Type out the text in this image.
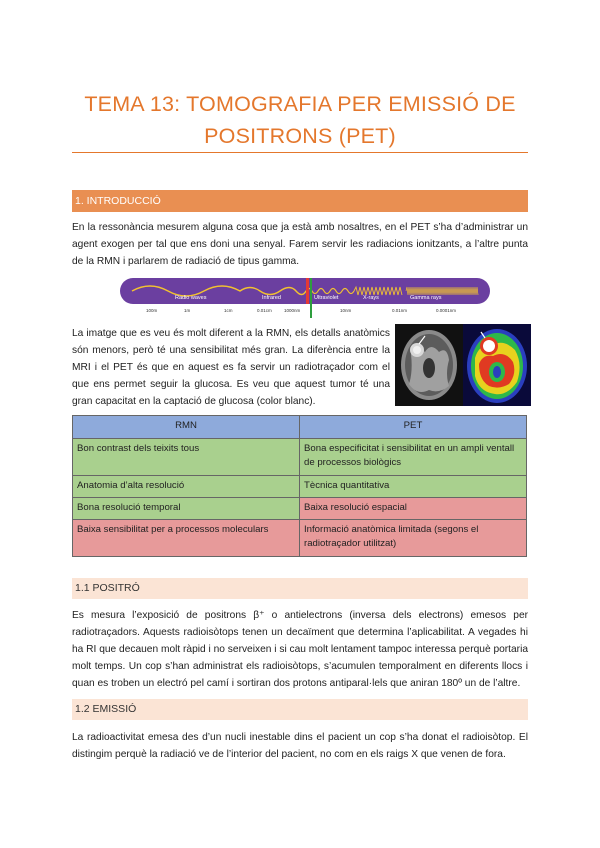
TEMA 13: TOMOGRAFIA PER EMISSIÓ DE
POSITRONS (PET)
1. INTRODUCCIÓ
En la ressonància mesurem alguna cosa que ja està amb nosaltres, en el PET s’ha d’administrar un agent exogen per tal que ens doni una senyal. Farem servir les radiacions ionitzants, a l’altre punta de la RMN i parlarem de radiació de tipus gamma.
Radio waves	Infrared	Ultraviolet	X-rays	Gamma rays
100m	1m	1cm	0.01cm	1000nm	10nm	0.01nm	0.0001nm
La imatge que es veu és molt diferent a la RMN, els detalls anatòmics són menors, però té una sensibilitat més gran. La diferència entre la MRI i el PET és que en aquest es fa servir un radiotraçador com el que ens permet seguir la glucosa. Es veu que aquest tumor té una gran capacitat en la captació de glucosa (color blanc).
RMN	PET
Bon contrast dels teixits tous	Bona especificitat i sensibilitat en un ampli ventall de processos biològics
Anatomia d’alta resolució	Tècnica quantitativa
Bona resolució temporal	Baixa resolució espacial
Baixa sensibilitat per a processos moleculars	Informació anatòmica limitada (segons el radiotraçador utilitzat)
1.1 POSITRÓ
Es mesura l’exposició de positrons β⁺ o antielectrons (inversa dels electrons) emesos per radiotraçadors. Aquests radioisòtops tenen un decaïment que determina l’aplicabilitat. A vegades hi ha RI que decauen molt ràpid i no serveixen i si cau molt lentament tampoc interessa perquè portaria molt temps. Un cop s’han administrat els radioisòtops, s’acumulen temporalment en diferents llocs i quan es troben un electró pel camí i sortiran dos protons antiparal·lels que aniran 180º un de l’altre.
1.2 EMISSIÓ
La radioactivitat emesa des d’un nucli inestable dins el pacient un cop s’ha donat el radioisòtop. El distingim perquè la radiació ve de l’interior del pacient, no com en els raigs X que venen de fora.
